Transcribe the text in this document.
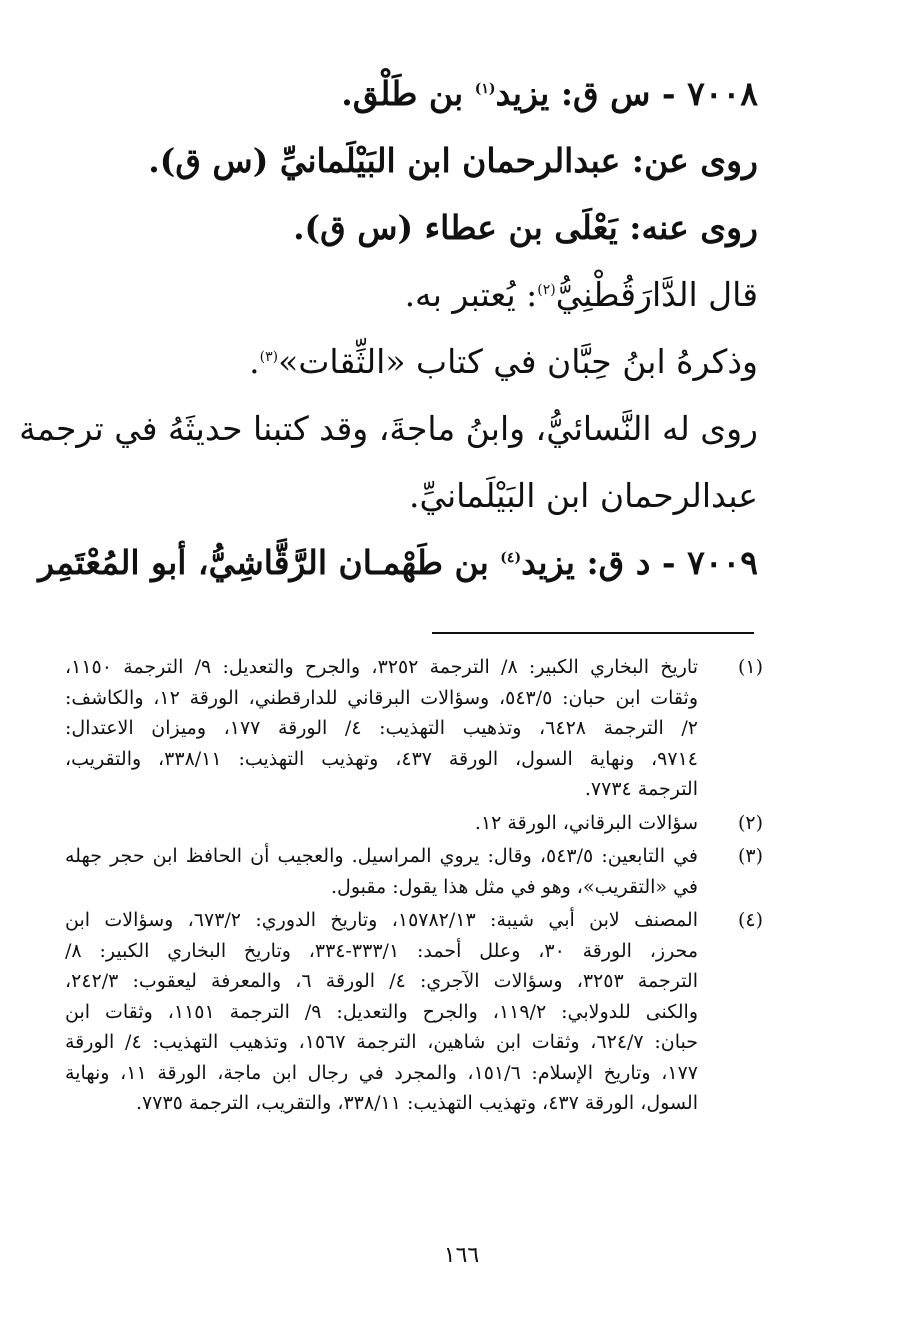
٧٠٠٨ - س ق: يزيد$^{(١)}$ بن طَلْق.
روى عن: عبدالرحمان ابن البَيْلَمانيِّ (س ق).
روى عنه: يَعْلَى بن عطاء (س ق).
قال الدَّارَقُطْنِيُّ$^{(٢)}$: يُعتبر به.
وذكرهُ ابنُ حِبَّان في كتاب «الثِّقات»$^{(٣)}$.
روى له النَّسائيُّ، وابنُ ماجةَ، وقد كتبنا حديثَهُ في ترجمة
عبدالرحمان ابن البَيْلَمانيِّ.
٧٠٠٩ - د ق: يزيد$^{(٤)}$ بن طَهْمـان الرَّقَّاشِيُّ، أبو المُعْتَمِر
(١)
تاريخ البخاري الكبير: ٨/ الترجمة ٣٢٥٢، والجرح والتعديل: ٩/ الترجمة ١١٥٠،
وثقات ابن حبان: ٥٤٣/٥، وسؤالات البرقاني للدارقطني، الورقة ١٢، والكاشف:
٢/ الترجمة ٦٤٢٨، وتذهيب التهذيب: ٤/ الورقة ١٧٧، وميزان الاعتدال:
٩٧١٤، ونهاية السول، الورقة ٤٣٧، وتهذيب التهذيب: ٣٣٨/١١، والتقريب،
الترجمة ٧٧٣٤.
(٢)
سؤالات البرقاني، الورقة ١٢.
(٣)
في التابعين: ٥٤٣/٥، وقال: يروي المراسيل. والعجيب أن الحافظ ابن حجر جهله
في «التقريب»، وهو في مثل هذا يقول: مقبول.
(٤)
المصنف لابن أبي شيبة: ١٥٧٨٢/١٣، وتاريخ الدوري: ٦٧٣/٢، وسؤالات ابن
محرز، الورقة ٣٠، وعلل أحمد: ٣٣٣/١-٣٣٤، وتاريخ البخاري الكبير: ٨/
الترجمة ٣٢٥٣، وسؤالات الآجري: ٤/ الورقة ٦، والمعرفة ليعقوب: ٢٤٢/٣،
والكنى للدولابي: ١١٩/٢، والجرح والتعديل: ٩/ الترجمة ١١٥١، وثقات ابن
حبان: ٦٢٤/٧، وثقات ابن شاهين، الترجمة ١٥٦٧، وتذهيب التهذيب: ٤/ الورقة
١٧٧، وتاريخ الإسلام: ١٥١/٦، والمجرد في رجال ابن ماجة، الورقة ١١، ونهاية
السول، الورقة ٤٣٧، وتهذيب التهذيب: ٣٣٨/١١، والتقريب، الترجمة ٧٧٣٥.
١٦٦
